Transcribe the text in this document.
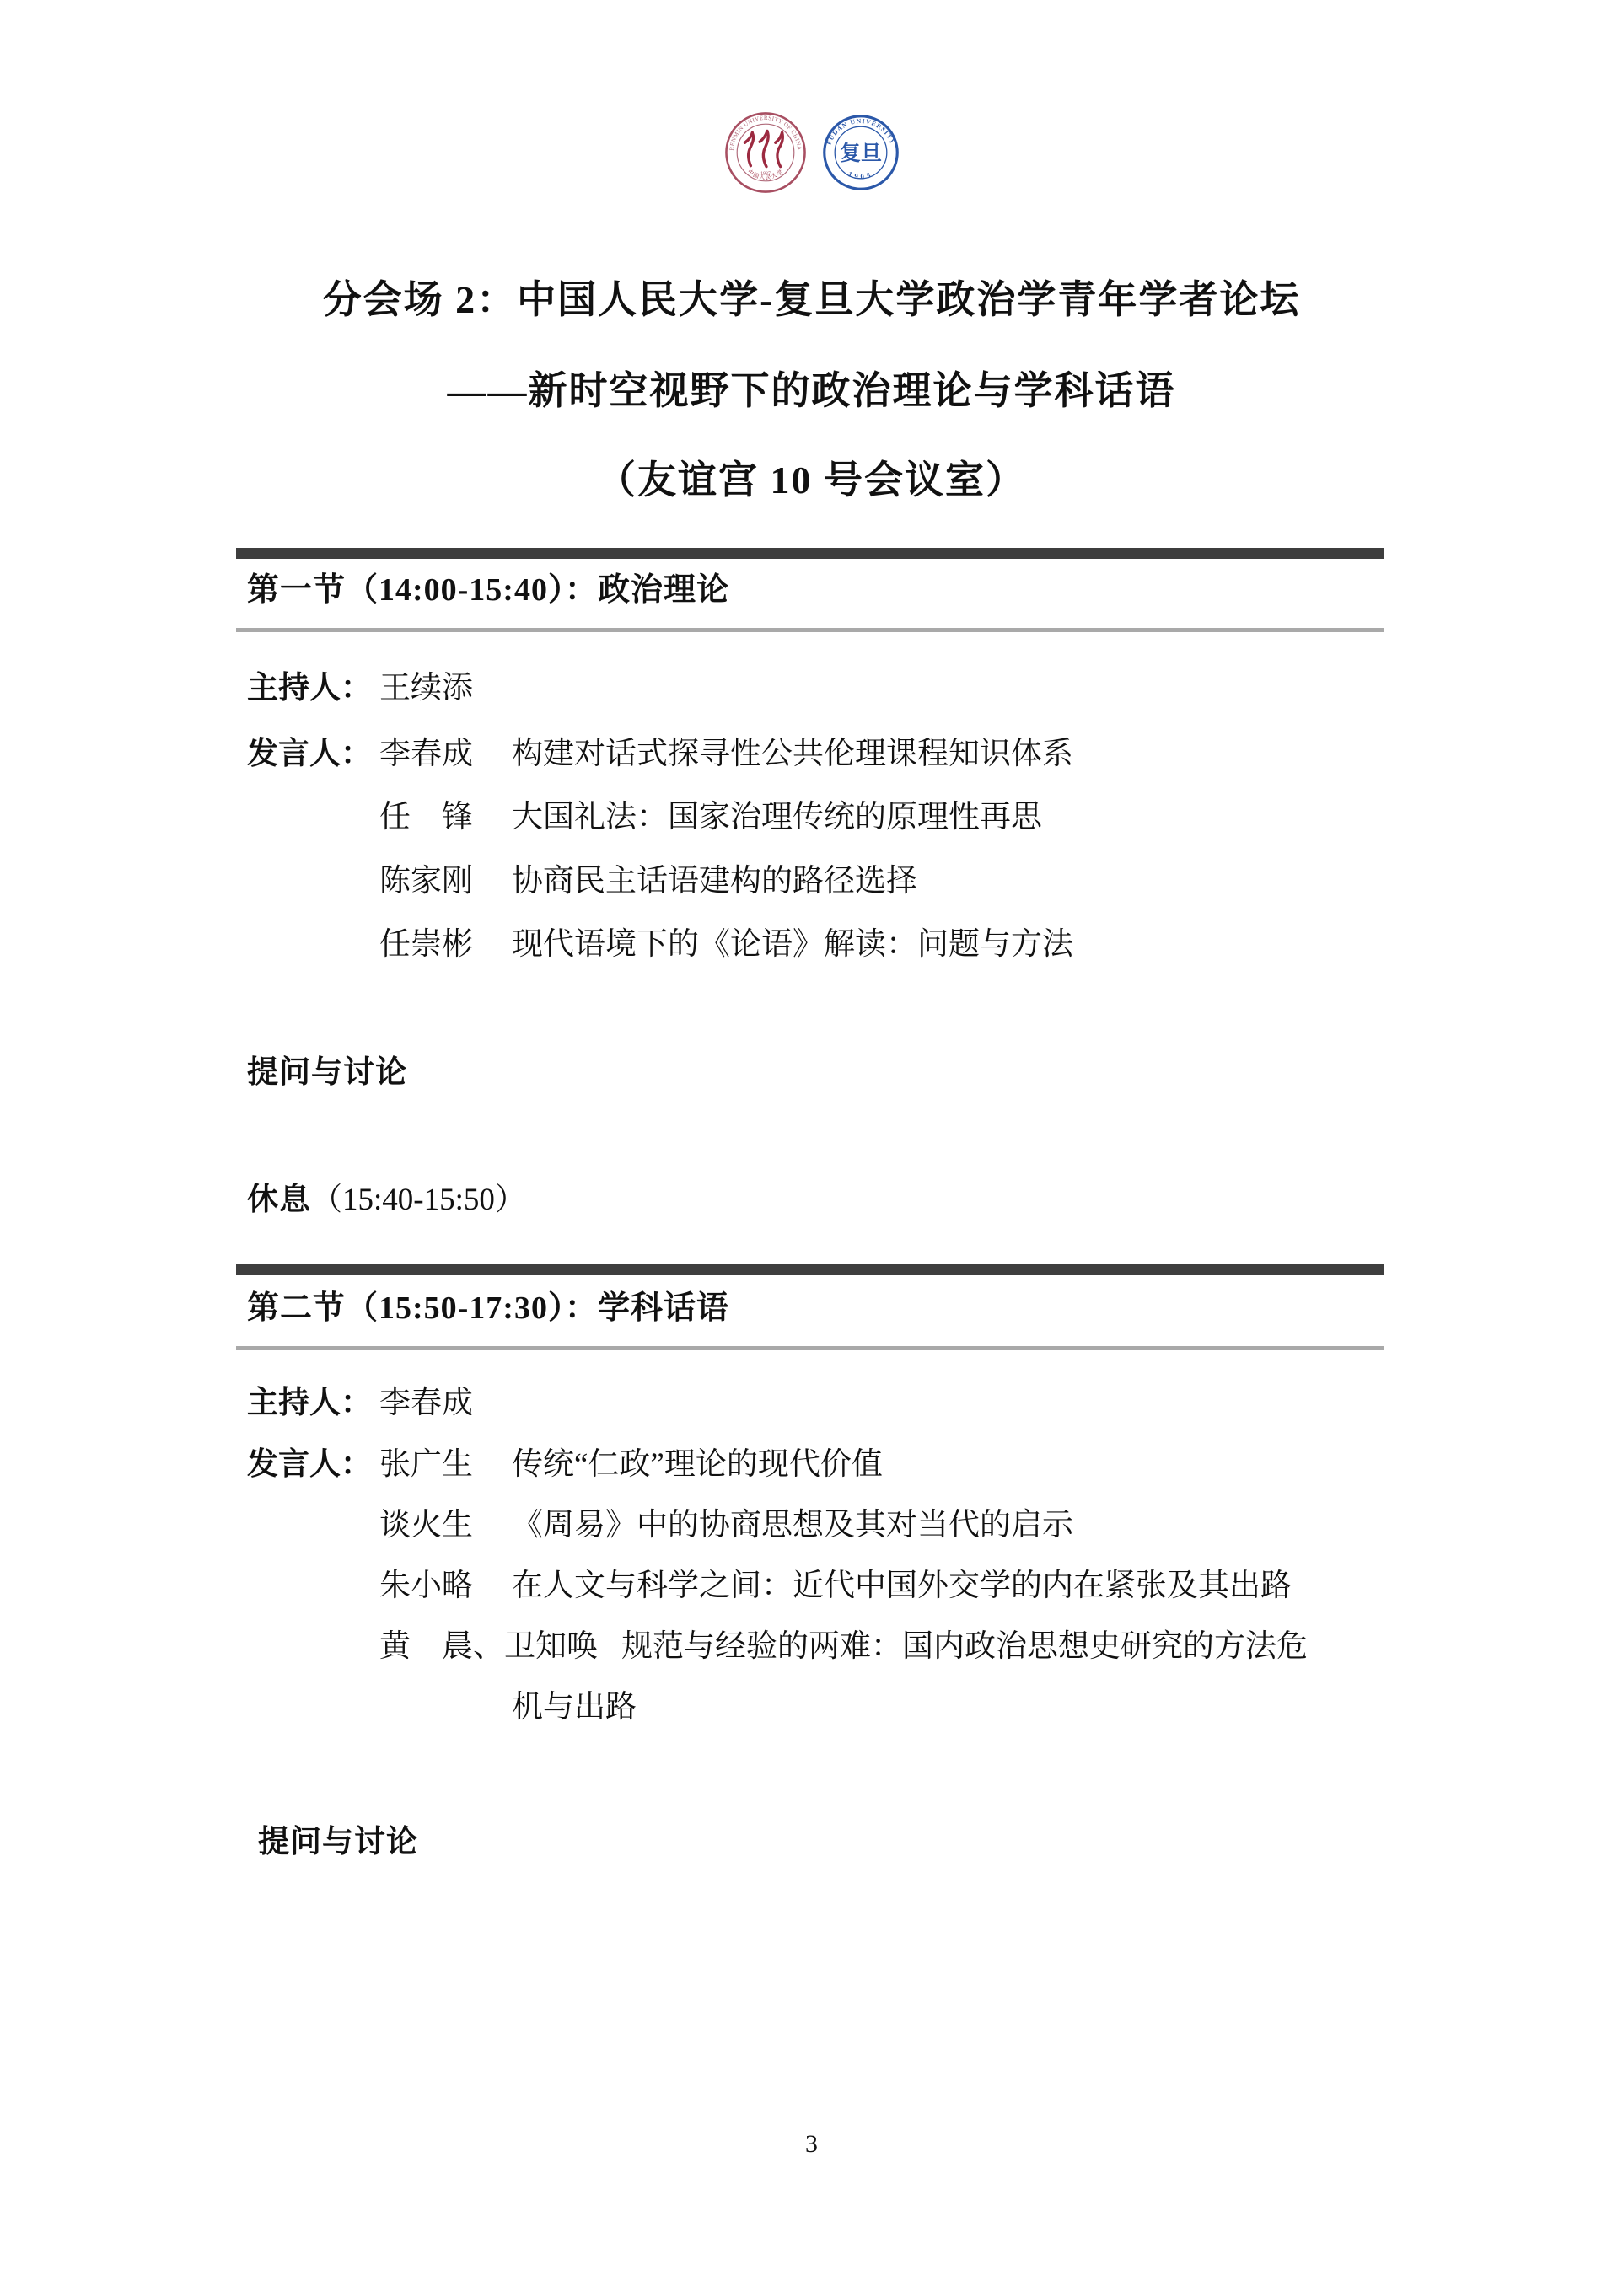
RENMIN UNIVERSITY OF CHINA
1937
中国人民大学
FUDAN UNIVERSITY
复旦
1905
分会场 2：中国人民大学-复旦大学政治学青年学者论坛
——新时空视野下的政治理论与学科话语
（友谊宫 10 号会议室）
第一节（14:00-15:40）：政治理论
主持人： 王续添
发言人： 李春成	构建对话式探寻性公共伦理课程知识体系
任　锋	大国礼法：国家治理传统的原理性再思
陈家刚	协商民主话语建构的路径选择
任崇彬	现代语境下的《论语》解读：问题与方法
提问与讨论
休息（15:40-15:50）
第二节（15:50-17:30）：学科话语
主持人： 李春成
发言人： 张广生	传统“仁政”理论的现代价值
谈火生	《周易》中的协商思想及其对当代的启示
朱小略	在人文与科学之间：近代中国外交学的内在紧张及其出路
黄　晨、卫知唤 规范与经验的两难：国内政治思想史研究的方法危
机与出路
提问与讨论
3
